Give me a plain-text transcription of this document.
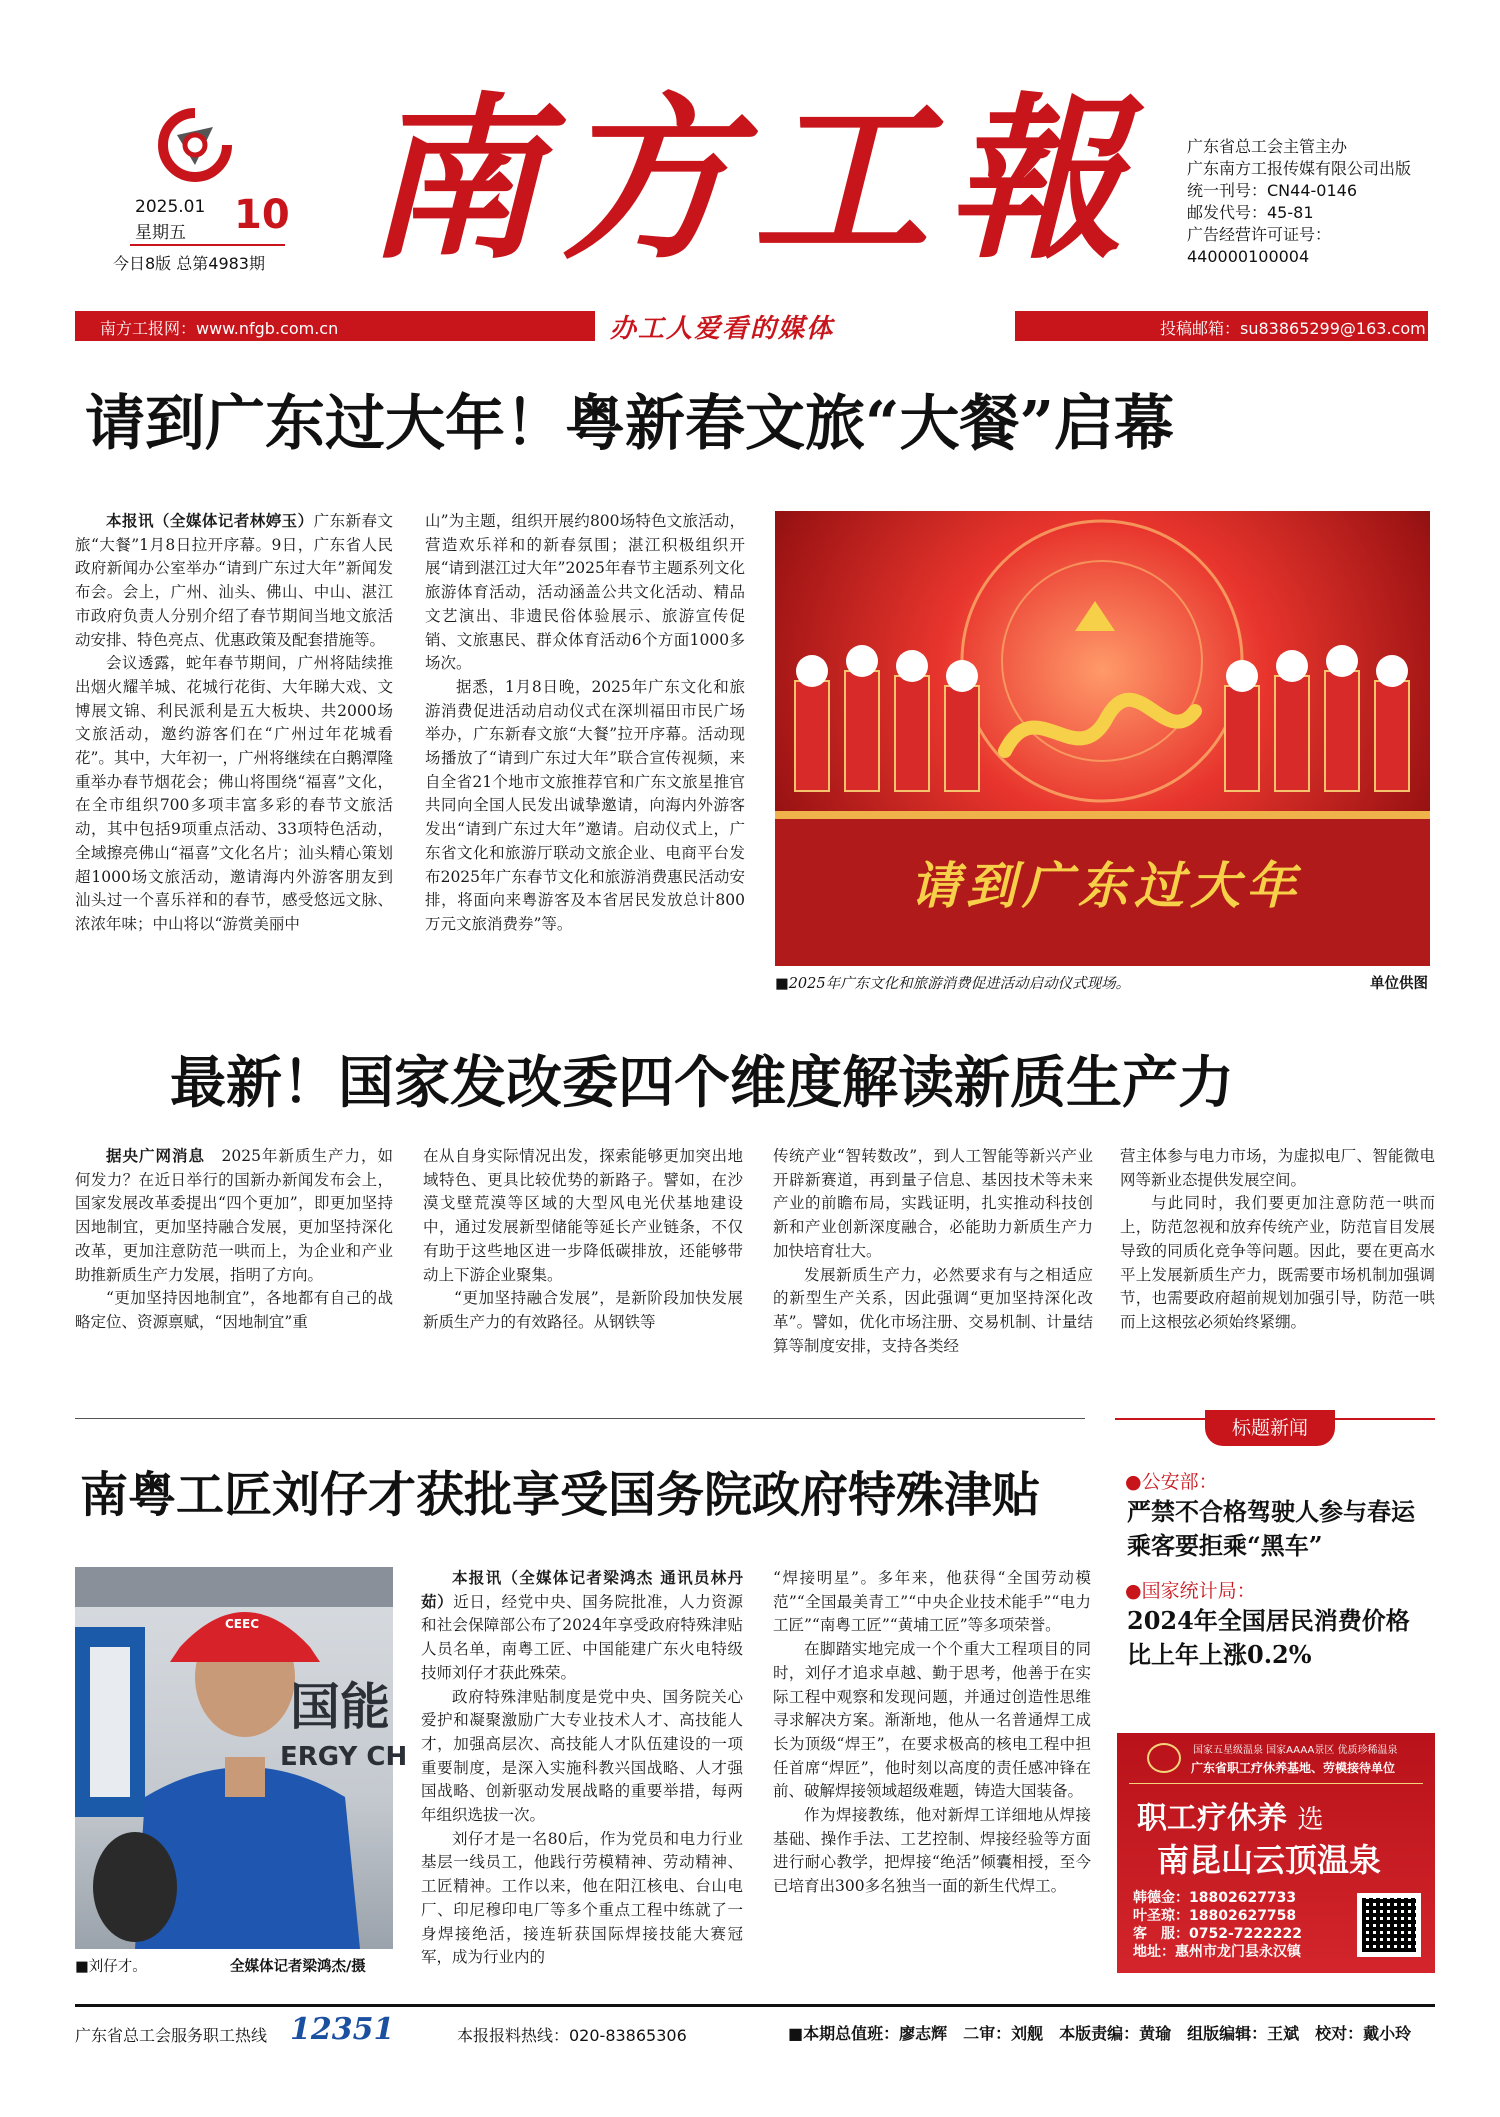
2025.01
星期五 10
今日8版 总第4983期 南方工報	广东省总工会主管主办
广东南方工报传媒有限公司出版
统一刊号：CN44-0146
邮发代号：45-81
广告经营许可证号：
440000100004
南方工报网：www.nfgb.com.cn	办工人爱看的媒体	投稿邮箱：su83865299@163.com
请到广东过大年！粤新春文旅“大餐”启幕

本报讯（全媒体记者林婷玉）广东新春文旅“大餐”1月8日拉开序幕。9日，广东省人民政府新闻办公室举办“请到广东过大年”新闻发布会。会上，广州、汕头、佛山、中山、湛江市政府负责人分别介绍了春节期间当地文旅活动安排、特色亮点、优惠政策及配套措施等。

会议透露，蛇年春节期间，广州将陆续推出烟火耀羊城、花城行花街、大年睇大戏、文博展文锦、利民派利是五大板块、共2000场文旅活动，邀约游客们在“广州过年花城看花”。其中，大年初一，广州将继续在白鹅潭隆重举办春节烟花会；佛山将围绕“福喜”文化，在全市组织700多项丰富多彩的春节文旅活动，其中包括9项重点活动、33项特色活动，全域擦亮佛山“福喜”文化名片；汕头精心策划超1000场文旅活动，邀请海内外游客朋友到汕头过一个喜乐祥和的春节，感受悠远文脉、浓浓年味；中山将以“游赏美丽中

山”为主题，组织开展约800场特色文旅活动，营造欢乐祥和的新春氛围；湛江积极组织开展“请到湛江过大年”2025年春节主题系列文化旅游体育活动，活动涵盖公共文化活动、精品文艺演出、非遗民俗体验展示、旅游宣传促销、文旅惠民、群众体育活动6个方面1000多场次。

据悉，1月8日晚，2025年广东文化和旅游消费促进活动启动仪式在深圳福田市民广场举办，广东新春文旅“大餐”拉开序幕。活动现场播放了“请到广东过大年”联合宣传视频，来自全省21个地市文旅推荐官和广东文旅星推官共同向全国人民发出诚挚邀请，向海内外游客发出“请到广东过大年”邀请。启动仪式上，广东省文化和旅游厅联动文旅企业、电商平台发布2025年广东春节文化和旅游消费惠民活动安排，将面向来粤游客及本省居民发放总计800万元文旅消费券”等。

请到广东过大年
■2025年广东文化和旅游消费促进活动启动仪式现场。	单位供图
最新！国家发改委四个维度解读新质生产力

据央广网消息　 2025年新质生产力，如何发力？在近日举行的国新办新闻发布会上，国家发展改革委提出“四个更加”，即更加坚持因地制宜，更加坚持融合发展，更加坚持深化改革，更加注意防范一哄而上，为企业和产业助推新质生产力发展，指明了方向。

“更加坚持因地制宜”，各地都有自己的战略定位、资源禀赋，“因地制宜”重

在从自身实际情况出发，探索能够更加突出地域特色、更具比较优势的新路子。譬如，在沙漠戈壁荒漠等区域的大型风电光伏基地建设中，通过发展新型储能等延长产业链条，不仅有助于这些地区进一步降低碳排放，还能够带动上下游企业聚集。

“更加坚持融合发展”，是新阶段加快发展新质生产力的有效路径。从钢铁等

传统产业“智转数改”，到人工智能等新兴产业开辟新赛道，再到量子信息、基因技术等未来产业的前瞻布局，实践证明，扎实推动科技创新和产业创新深度融合，必能助力新质生产力加快培育壮大。

发展新质生产力，必然要求有与之相适应的新型生产关系，因此强调“更加坚持深化改革”。譬如，优化市场注册、交易机制、计量结算等制度安排，支持各类经

营主体参与电力市场，为虚拟电厂、智能微电网等新业态提供发展空间。

与此同时，我们要更加注意防范一哄而上，防范忽视和放弃传统产业，防范盲目发展导致的同质化竞争等问题。因此，要在更高水平上发展新质生产力，既需要市场机制加强调节，也需要政府超前规划加强引导，防范一哄而上这根弦必须始终紧绷。

南粤工匠刘仔才获批享受国务院政府特殊津贴
CEEC
国能
ERGY CH
■刘仔才。	全媒体记者梁鸿杰/摄

本报讯（全媒体记者梁鸿杰 通讯员林丹茹）近日，经党中央、国务院批准，人力资源和社会保障部公布了2024年享受政府特殊津贴人员名单，南粤工匠、中国能建广东火电特级技师刘仔才获此殊荣。

政府特殊津贴制度是党中央、国务院关心爱护和凝聚激励广大专业技术人才、高技能人才，加强高层次、高技能人才队伍建设的一项重要制度，是深入实施科教兴国战略、人才强国战略、创新驱动发展战略的重要举措，每两年组织选拔一次。

刘仔才是一名80后，作为党员和电力行业基层一线员工，他践行劳模精神、劳动精神、工匠精神。工作以来，他在阳江核电、台山电厂、印尼穆印电厂等多个重点工程中练就了一身焊接绝活，接连斩获国际焊接技能大赛冠军，成为行业内的

“焊接明星”。多年来，他获得“全国劳动模范”“全国最美青工”“中央企业技术能手”“电力工匠”“南粤工匠”“黄埔工匠”等多项荣誉。

在脚踏实地完成一个个重大工程项目的同时，刘仔才追求卓越、勤于思考，他善于在实际工程中观察和发现问题，并通过创造性思维寻求解决方案。渐渐地，他从一名普通焊工成长为顶级“焊王”，在要求极高的核电工程中担任首席“焊匠”，他时刻以高度的责任感冲锋在前、破解焊接领域超级难题，铸造大国装备。

作为焊接教练，他对新焊工详细地从焊接基础、操作手法、工艺控制、焊接经验等方面进行耐心教学，把焊接“绝活”倾囊相授，至今已培育出300多名独当一面的新生代焊工。

标题新闻
●公安部：
严禁不合格驾驶人参与春运乘客要拒乘“黑车”
●国家统计局：
2024年全国居民消费价格比上年上涨0.2%
国家五星级温泉 国家AAAA景区 优质珍稀温泉
广东省职工疗休养基地、劳模接待单位
职工疗休养 选
南昆山云顶温泉
韩德金：18802627733
叶圣琼：18802627758
客　服：0752-7222222
地址：惠州市龙门县永汉镇
广东省总工会服务职工热线 12351	本报报料热线：020-83865306	■本期总值班：廖志辉　二审：刘舰　本版责编：黄瑜　组版编辑：王斌　校对：戴小玲
